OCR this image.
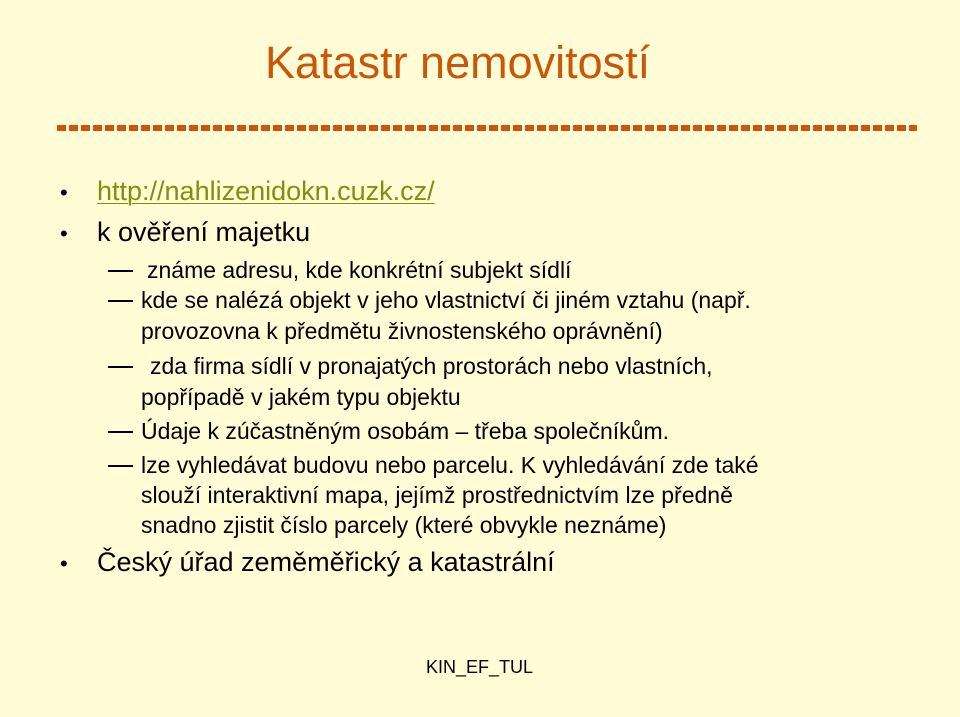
Katastr nemovitostí
• http://nahlizenidokn.cuzk.cz/
• k ověření majetku
známe adresu, kde konkrétní subjekt sídlí
kde se nalézá objekt v jeho vlastnictví či jiném vztahu (např.
provozovna k předmětu živnostenského oprávnění)
zda firma sídlí v pronajatých prostorách nebo vlastních,
popřípadě v jakém typu objektu
Údaje k zúčastněným osobám – třeba společníkům.
lze vyhledávat budovu nebo parcelu. K vyhledávání zde také
slouží interaktivní mapa, jejímž prostřednictvím lze předně
snadno zjistit číslo parcely (které obvykle neznáme)
• Český úřad zeměměřický a katastrální
KIN_EF_TUL
